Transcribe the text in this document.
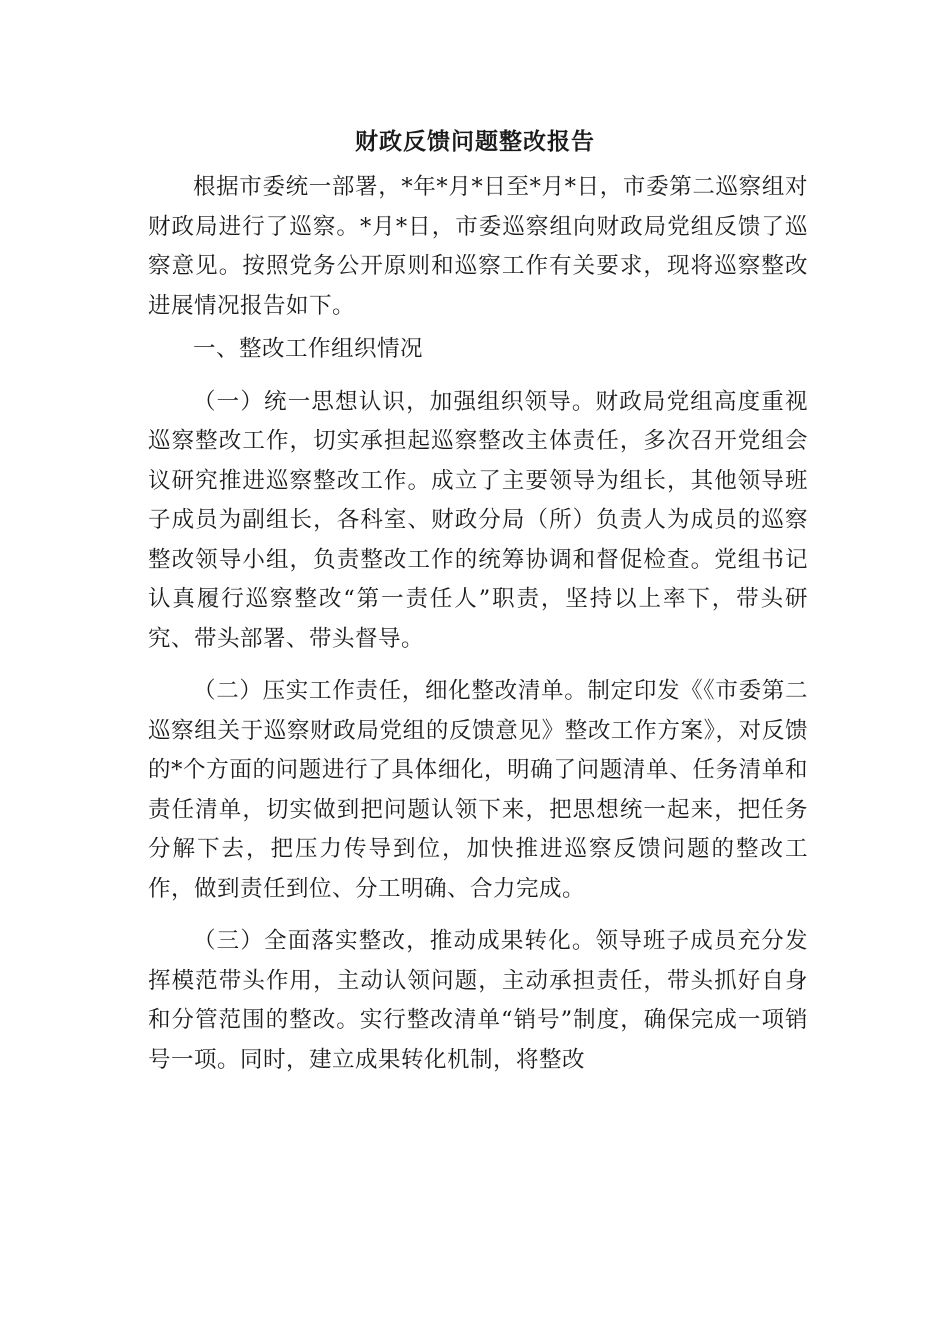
财政反馈问题整改报告

根据市委统一部署，*年*月*日至*月*日，市委第二巡察组对财政局进行了巡察。*月*日，市委巡察组向财政局党组反馈了巡察意见。按照党务公开原则和巡察工作有关要求，现将巡察整改进展情况报告如下。

一、整改工作组织情况

（一）统一思想认识，加强组织领导。财政局党组高度重视巡察整改工作，切实承担起巡察整改主体责任，多次召开党组会议研究推进巡察整改工作。成立了主要领导为组长，其他领导班子成员为副组长，各科室、财政分局（所）负责人为成员的巡察整改领导小组，负责整改工作的统筹协调和督促检查。党组书记认真履行巡察整改“第一责任人”职责，坚持以上率下，带头研究、带头部署、带头督导。

（二）压实工作责任，细化整改清单。制定印发《《市委第二巡察组关于巡察财政局党组的反馈意见》整改工作方案》，对反馈的*个方面的问题进行了具体细化，明确了问题清单、任务清单和责任清单，切实做到把问题认领下来，把思想统一起来，把任务分解下去，把压力传导到位，加快推进巡察反馈问题的整改工作，做到责任到位、分工明确、合力完成。

（三）全面落实整改，推动成果转化。领导班子成员充分发挥模范带头作用，主动认领问题，主动承担责任，带头抓好自身和分管范围的整改。实行整改清单“销号”制度，确保完成一项销号一项。同时，建立成果转化机制，将整改
